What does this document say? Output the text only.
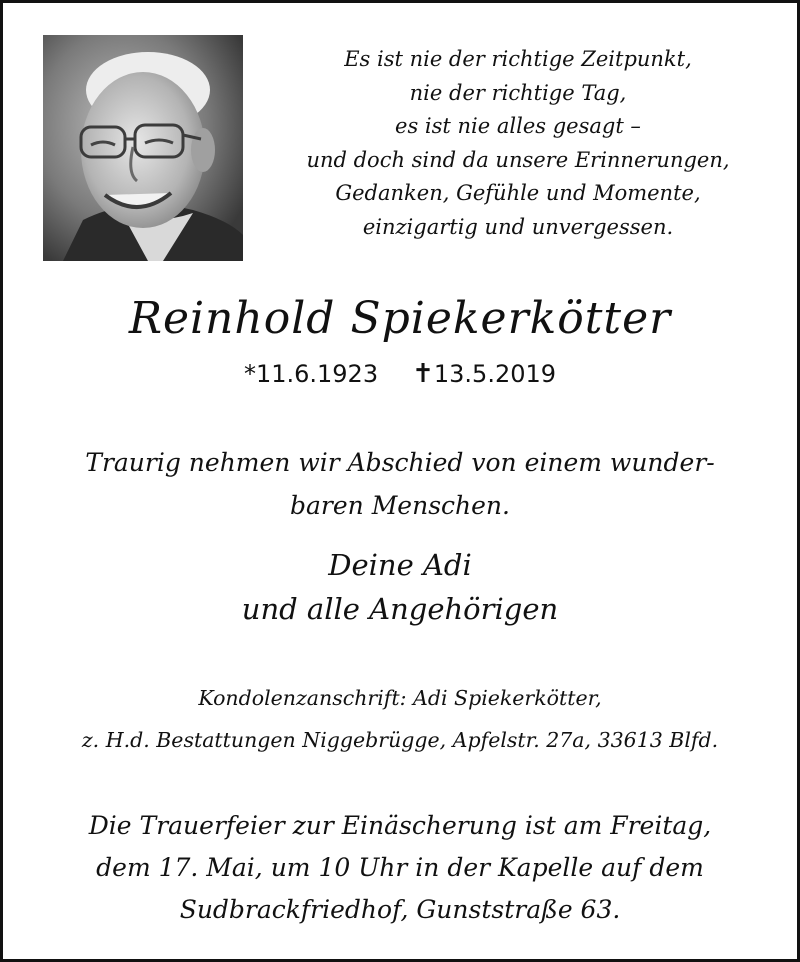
Es ist nie der richtige Zeitpunkt,
nie der richtige Tag,
es ist nie alles gesagt –
und doch sind da unsere Erinnerungen,
Gedanken, Gefühle und Momente,
einzigartig und unvergessen.
Reinhold Spiekerkötter
*11.6.1923 ✝13.5.2019
Traurig nehmen wir Abschied von einem wunder-
baren Menschen.
Deine Adi
und alle Angehörigen
Kondolenzanschrift: Adi Spiekerkötter,
z. H.d. Bestattungen Niggebrügge, Apfelstr. 27a, 33613 Blfd.
Die Trauerfeier zur Einäscherung ist am Freitag,
dem 17. Mai, um 10 Uhr in der Kapelle auf dem
Sudbrackfriedhof, Gunststraße 63.
